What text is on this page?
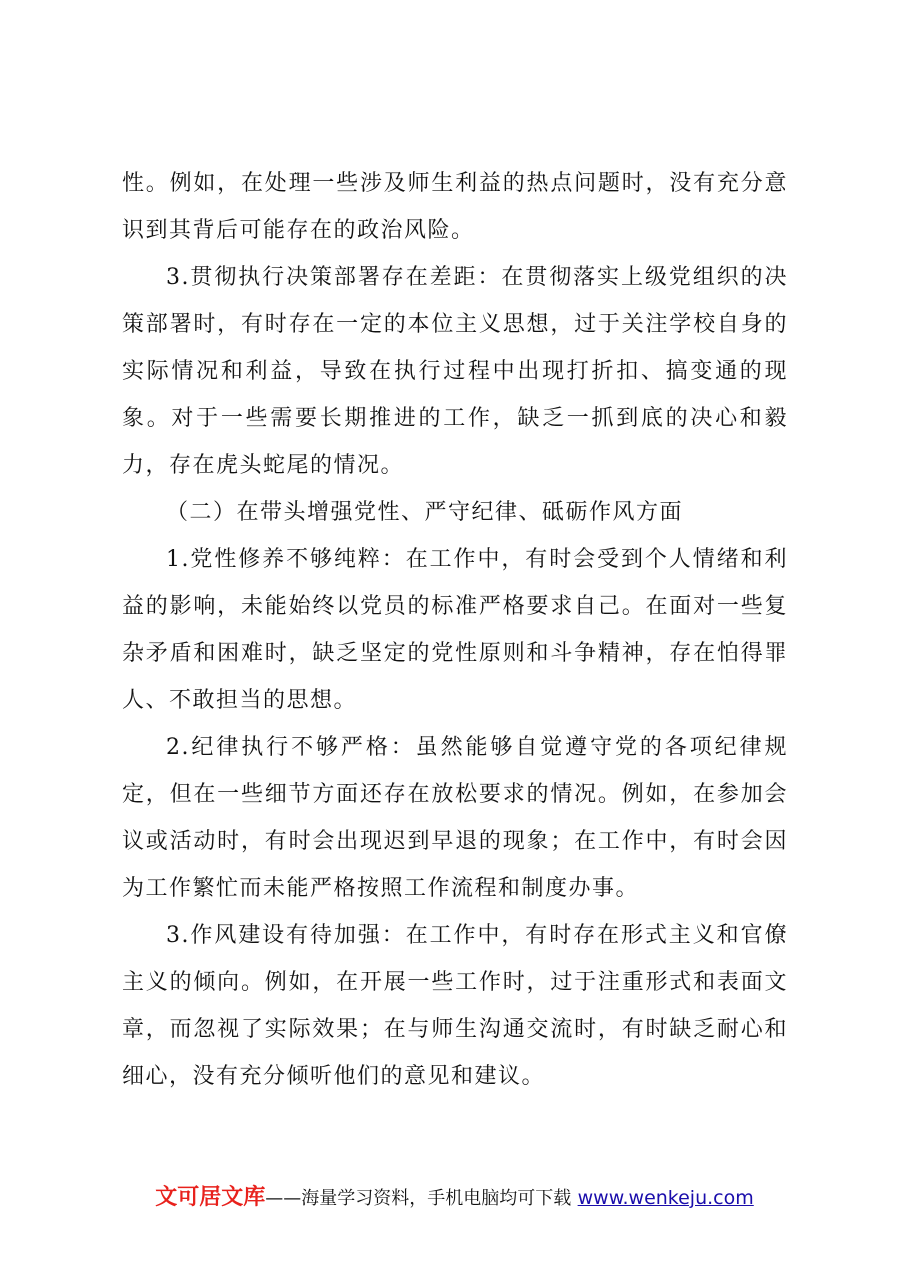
性。例如，在处理一些涉及师生利益的热点问题时，没有充分意识到其背后可能存在的政治风险。

3.贯彻执行决策部署存在差距：在贯彻落实上级党组织的决策部署时，有时存在一定的本位主义思想，过于关注学校自身的实际情况和利益，导致在执行过程中出现打折扣、搞变通的现象。对于一些需要长期推进的工作，缺乏一抓到底的决心和毅力，存在虎头蛇尾的情况。

（二）在带头增强党性、严守纪律、砥砺作风方面

1.党性修养不够纯粹：在工作中，有时会受到个人情绪和利益的影响，未能始终以党员的标准严格要求自己。在面对一些复杂矛盾和困难时，缺乏坚定的党性原则和斗争精神，存在怕得罪人、不敢担当的思想。

2.纪律执行不够严格：虽然能够自觉遵守党的各项纪律规定，但在一些细节方面还存在放松要求的情况。例如，在参加会议或活动时，有时会出现迟到早退的现象；在工作中，有时会因为工作繁忙而未能严格按照工作流程和制度办事。

3.作风建设有待加强：在工作中，有时存在形式主义和官僚主义的倾向。例如，在开展一些工作时，过于注重形式和表面文章，而忽视了实际效果；在与师生沟通交流时，有时缺乏耐心和细心，没有充分倾听他们的意见和建议。

文可居文库——海量学习资料，手机电脑均可下载 www.wenkeju.com
